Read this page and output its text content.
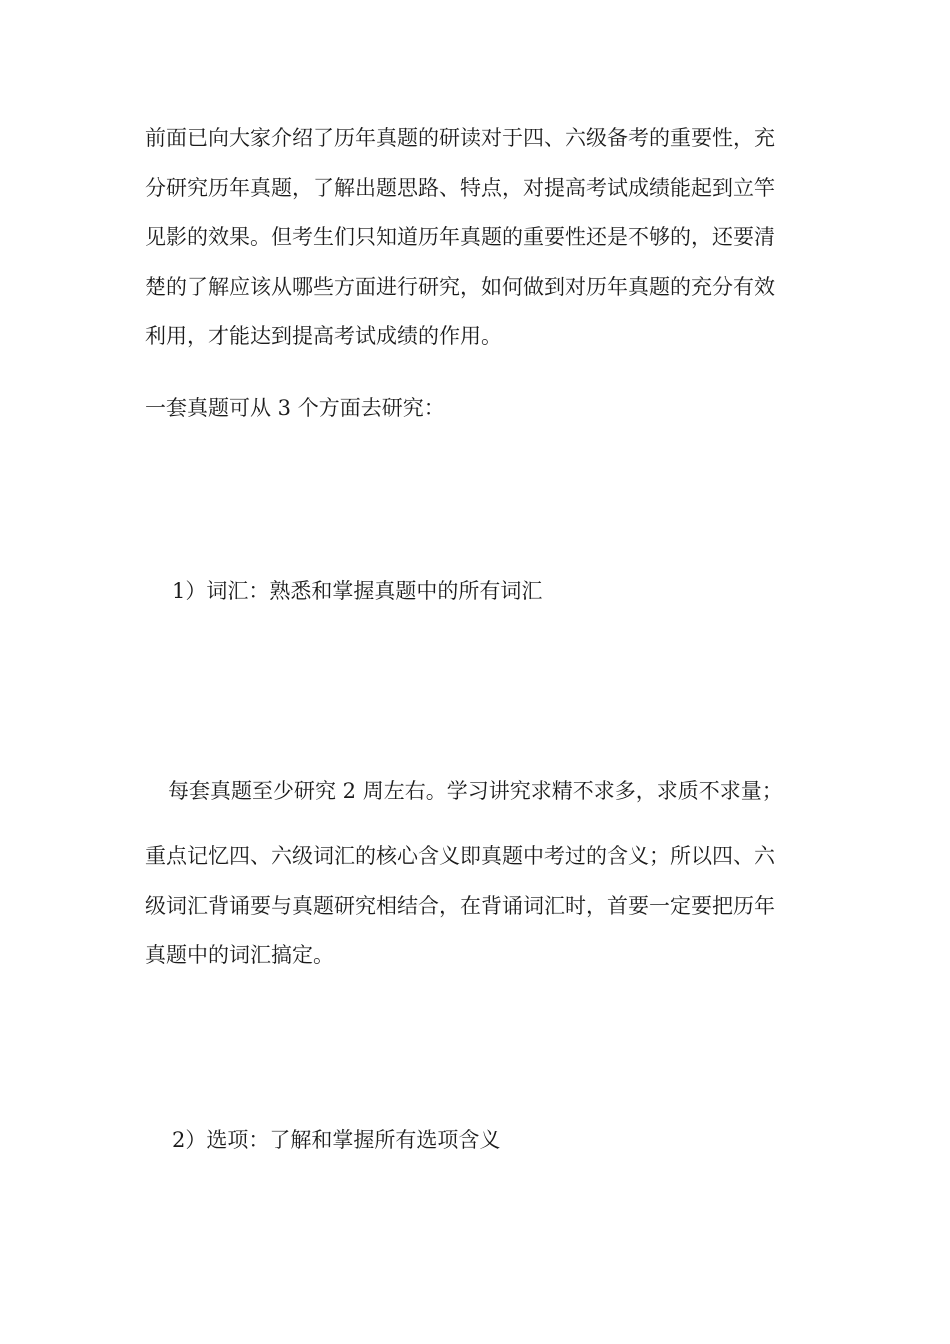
前面已向大家介绍了历年真题的研读对于四、六级备考的重要性，充
分研究历年真题，了解出题思路、特点，对提高考试成绩能起到立竿
见影的效果。但考生们只知道历年真题的重要性还是不够的，还要清
楚的了解应该从哪些方面进行研究，如何做到对历年真题的充分有效
利用，才能达到提高考试成绩的作用。

一套真题可从 3 个方面去研究：

1）词汇：熟悉和掌握真题中的所有词汇

每套真题至少研究 2 周左右。学习讲究求精不求多，求质不求量；

重点记忆四、六级词汇的核心含义即真题中考过的含义；所以四、六
级词汇背诵要与真题研究相结合，在背诵词汇时，首要一定要把历年
真题中的词汇搞定。

2）选项：了解和掌握所有选项含义
